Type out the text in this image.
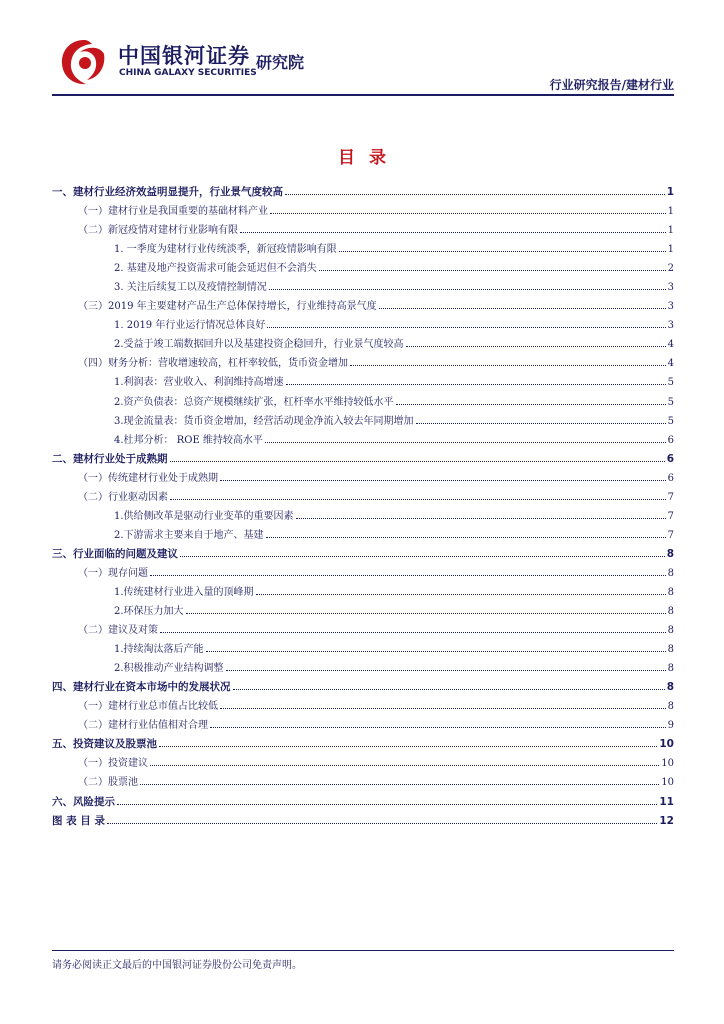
中国银河证券
CHINA GALAXY SECURITIES
研究院
行业研究报告/建材行业
目录
一、建材行业经济效益明显提升，行业景气度较高	1
（一）建材行业是我国重要的基础材料产业	1
（二）新冠疫情对建材行业影响有限	1
1. 一季度为建材行业传统淡季，新冠疫情影响有限	1
2. 基建及地产投资需求可能会延迟但不会消失	2
3. 关注后续复工以及疫情控制情况	3
（三）2019 年主要建材产品生产总体保持增长，行业维持高景气度	3
1. 2019 年行业运行情况总体良好	3
2.受益于竣工端数据回升以及基建投资企稳回升，行业景气度较高	4
（四）财务分析：营收增速较高，杠杆率较低，货币资金增加	4
1.利润表：营业收入、利润维持高增速	5
2.资产负债表：总资产规模继续扩张，杠杆率水平维持较低水平	5
3.现金流量表：货币资金增加，经营活动现金净流入较去年同期增加	5
4.杜邦分析： ROE 维持较高水平	6
二、建材行业处于成熟期	6
（一）传统建材行业处于成熟期	6
（二）行业驱动因素	7
1.供给侧改革是驱动行业变革的重要因素	7
2.下游需求主要来自于地产、基建	7
三、行业面临的问题及建议	8
（一）现存问题	8
1.传统建材行业进入量的顶峰期	8
2.环保压力加大	8
（二）建议及对策	8
1.持续淘汰落后产能	8
2.积极推动产业结构调整	8
四、建材行业在资本市场中的发展状况	8
（一）建材行业总市值占比较低	8
（二）建材行业估值相对合理	9
五、投资建议及股票池	10
（一）投资建议	10
（二）股票池	10
六、风险提示	11
图 表 目 录	12
请务必阅读正文最后的中国银河证券股份公司免责声明。
